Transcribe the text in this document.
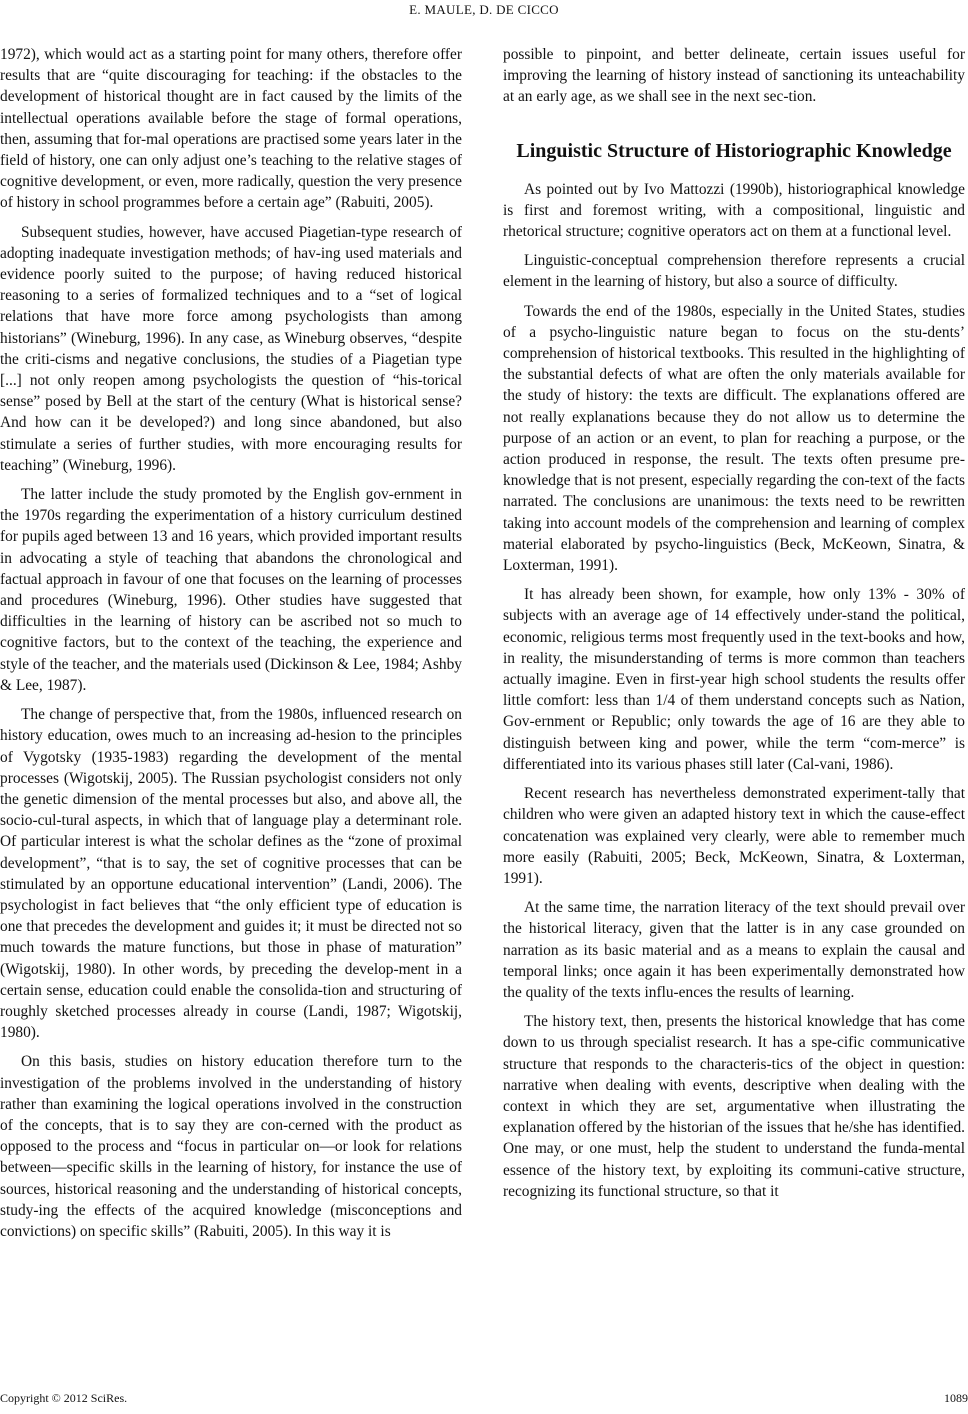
E. MAULE, D. DE CICCO

1972), which would act as a starting point for many others, therefore offer results that are “quite discouraging for teaching: if the obstacles to the development of historical thought are in fact caused by the limits of the intellectual operations available before the stage of formal operations, then, assuming that for-mal operations are practised some years later in the field of history, one can only adjust one’s teaching to the relative stages of cognitive development, or even, more radically, question the very presence of history in school programmes before a certain age” (Rabuiti, 2005).

Subsequent studies, however, have accused Piagetian-type research of adopting inadequate investigation methods; of hav-ing used materials and evidence poorly suited to the purpose; of having reduced historical reasoning to a series of formalized techniques and to a “set of logical relations that have more force among psychologists than among historians” (Wineburg, 1996). In any case, as Wineburg observes, “despite the criti-cisms and negative conclusions, the studies of a Piagetian type [...] not only reopen among psychologists the question of “his-torical sense” posed by Bell at the start of the century (What is historical sense? And how can it be developed?) and long since abandoned, but also stimulate a series of further studies, with more encouraging results for teaching” (Wineburg, 1996).

The latter include the study promoted by the English gov-ernment in the 1970s regarding the experimentation of a history curriculum destined for pupils aged between 13 and 16 years, which provided important results in advocating a style of teaching that abandons the chronological and factual approach in favour of one that focuses on the learning of processes and procedures (Wineburg, 1996). Other studies have suggested that difficulties in the learning of history can be ascribed not so much to cognitive factors, but to the context of the teaching, the experience and style of the teacher, and the materials used (Dickinson & Lee, 1984; Ashby & Lee, 1987).

The change of perspective that, from the 1980s, influenced research on history education, owes much to an increasing ad-hesion to the principles of Vygotsky (1935-1983) regarding the development of the mental processes (Wigotskij, 2005). The Russian psychologist considers not only the genetic dimension of the mental processes but also, and above all, the socio-cul-tural aspects, in which that of language play a determinant role. Of particular interest is what the scholar defines as the “zone of proximal development”, “that is to say, the set of cognitive processes that can be stimulated by an opportune educational intervention” (Landi, 2006). The psychologist in fact believes that “the only efficient type of education is one that precedes the development and guides it; it must be directed not so much towards the mature functions, but those in phase of maturation” (Wigotskij, 1980). In other words, by preceding the develop-ment in a certain sense, education could enable the consolida-tion and structuring of roughly sketched processes already in course (Landi, 1987; Wigotskij, 1980).

On this basis, studies on history education therefore turn to the investigation of the problems involved in the understanding of history rather than examining the logical operations involved in the construction of the concepts, that is to say they are con-cerned with the product as opposed to the process and “focus in particular on—or look for relations between—specific skills in the learning of history, for instance the use of sources, historical reasoning and the understanding of historical concepts, study-ing the effects of the acquired knowledge (misconceptions and convictions) on specific skills” (Rabuiti, 2005). In this way it is

possible to pinpoint, and better delineate, certain issues useful for improving the learning of history instead of sanctioning its unteachability at an early age, as we shall see in the next sec-tion.

Linguistic Structure of Historiographic Knowledge

As pointed out by Ivo Mattozzi (1990b), historiographical knowledge is first and foremost writing, with a compositional, linguistic and rhetorical structure; cognitive operators act on them at a functional level.

Linguistic-conceptual comprehension therefore represents a crucial element in the learning of history, but also a source of difficulty.

Towards the end of the 1980s, especially in the United States, studies of a psycho-linguistic nature began to focus on the stu-dents’ comprehension of historical textbooks. This resulted in the highlighting of the substantial defects of what are often the only materials available for the study of history: the texts are difficult. The explanations offered are not really explanations because they do not allow us to determine the purpose of an action or an event, to plan for reaching a purpose, or the action produced in response, the result. The texts often presume pre-knowledge that is not present, especially regarding the con-text of the facts narrated. The conclusions are unanimous: the texts need to be rewritten taking into account models of the comprehension and learning of complex material elaborated by psycho-linguistics (Beck, McKeown, Sinatra, & Loxterman, 1991).

It has already been shown, for example, how only 13% - 30% of subjects with an average age of 14 effectively under-stand the political, economic, religious terms most frequently used in the text-books and how, in reality, the misunderstanding of terms is more common than teachers actually imagine. Even in first-year high school students the results offer little comfort: less than 1/4 of them understand concepts such as Nation, Gov-ernment or Republic; only towards the age of 16 are they able to distinguish between king and power, while the term “com-merce” is differentiated into its various phases still later (Cal-vani, 1986).

Recent research has nevertheless demonstrated experiment-tally that children who were given an adapted history text in which the cause-effect concatenation was explained very clearly, were able to remember much more easily (Rabuiti, 2005; Beck, McKeown, Sinatra, & Loxterman, 1991).

At the same time, the narration literacy of the text should prevail over the historical literacy, given that the latter is in any case grounded on narration as its basic material and as a means to explain the causal and temporal links; once again it has been experimentally demonstrated how the quality of the texts influ-ences the results of learning.

The history text, then, presents the historical knowledge that has come down to us through specialist research. It has a spe-cific communicative structure that responds to the characteris-tics of the object in question: narrative when dealing with events, descriptive when dealing with the context in which they are set, argumentative when illustrating the explanation offered by the historian of the issues that he/she has identified. One may, or one must, help the student to understand the funda-mental essence of the history text, by exploiting its communi-cative structure, recognizing its functional structure, so that it

Copyright © 2012 SciRes.	1089
